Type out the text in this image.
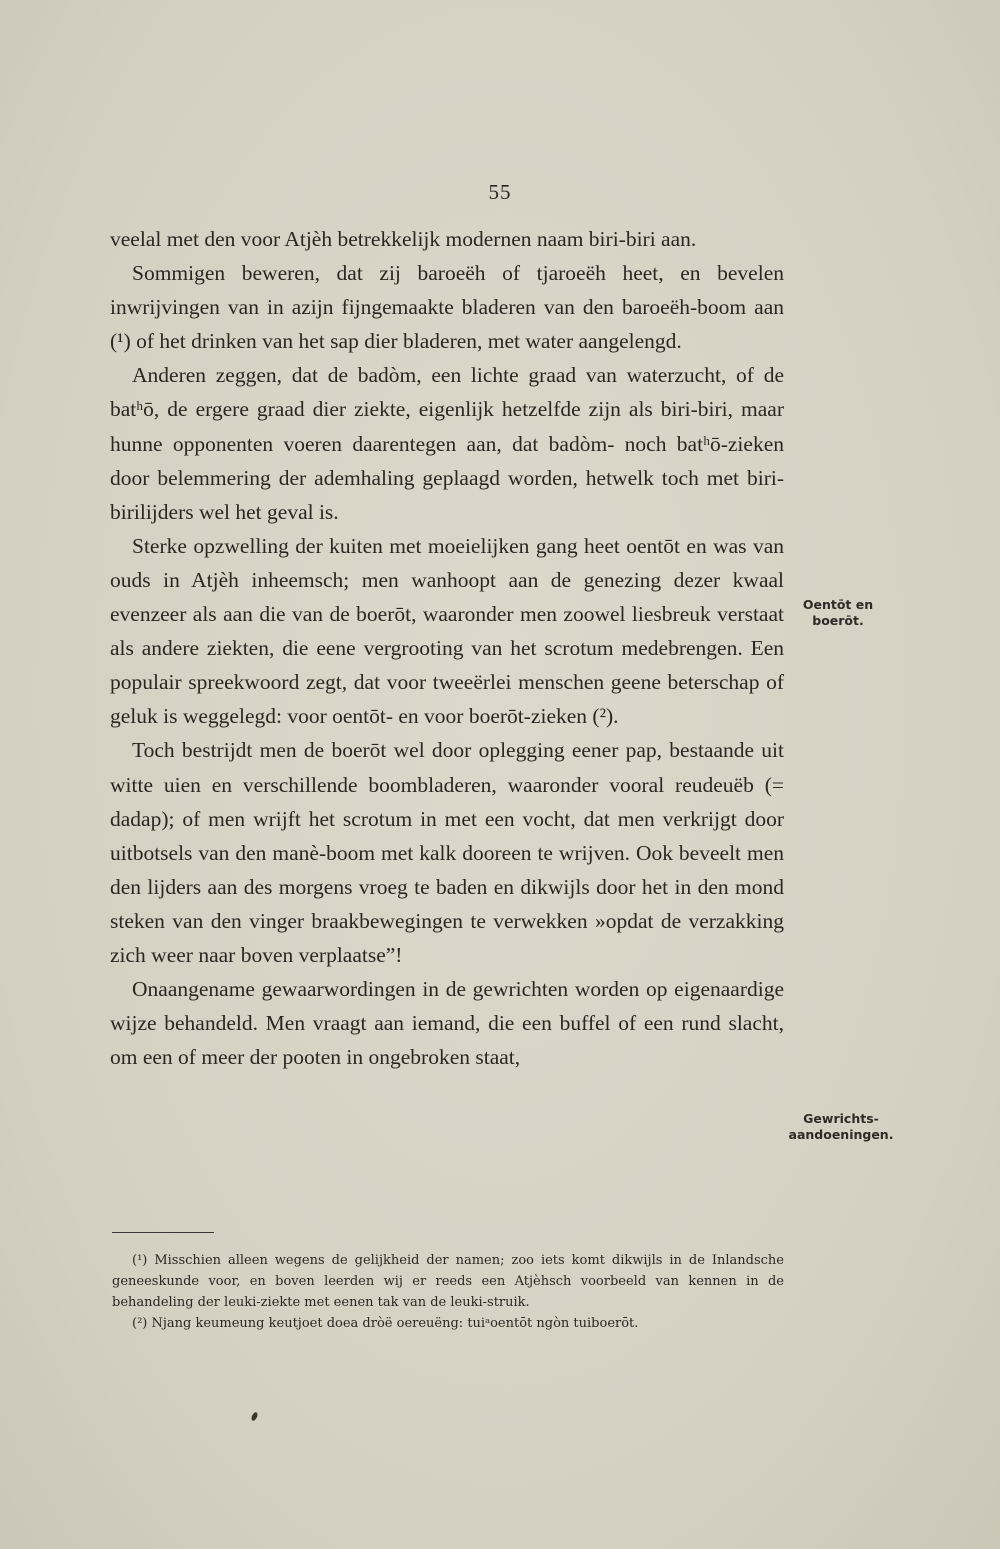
55

veelal met den voor Atjèh betrekkelijk modernen naam biri-biri aan.

Sommigen beweren, dat zij baroeëh of tjaroeëh heet, en bevelen inwrijvingen van in azijn fijngemaakte bladeren van den baroeëh-boom aan (¹) of het drinken van het sap dier bladeren, met water aangelengd.

Anderen zeggen, dat de badòm, een lichte graad van waterzucht, of de batʰō, de ergere graad dier ziekte, eigenlijk hetzelfde zijn als biri-biri, maar hunne opponenten voeren daarentegen aan, dat badòm- noch batʰō-zieken door belemmering der ademhaling geplaagd worden, hetwelk toch met biri-birilijders wel het geval is.

Sterke opzwelling der kuiten met moeielijken gang heet oentōt en was van ouds in Atjèh inheemsch; men wanhoopt aan de genezing dezer kwaal evenzeer als aan die van de boerōt, waaronder men zoowel liesbreuk verstaat als andere ziekten, die eene vergrooting van het scrotum medebrengen. Een populair spreekwoord zegt, dat voor tweeërlei menschen geene beterschap of geluk is weggelegd: voor oentōt- en voor boerōt-zieken (²).

Toch bestrijdt men de boerōt wel door oplegging eener pap, bestaande uit witte uien en verschillende boombladeren, waaronder vooral reudeuëb (= dadap); of men wrijft het scrotum in met een vocht, dat men verkrijgt door uitbotsels van den manè-boom met kalk dooreen te wrijven. Ook beveelt men den lijders aan des morgens vroeg te baden en dikwijls door het in den mond steken van den vinger braakbewegingen te verwekken »opdat de verzakking zich weer naar boven verplaatse”!

Onaangename gewaarwordingen in de gewrichten worden op eigenaardige wijze behandeld. Men vraagt aan iemand, die een buffel of een rund slacht, om een of meer der pooten in ongebroken staat,

Oentōt en boerōt.
Gewrichts-aandoeningen.

(¹) Misschien alleen wegens de gelijkheid der namen; zoo iets komt dikwijls in de Inlandsche geneeskunde voor, en boven leerden wij er reeds een Atjèhsch voorbeeld van kennen in de behandeling der leuki-ziekte met eenen tak van de leuki-struik.

(²) Njang keumeung keutjoet doea dròë oereuëng: tuiᵃoentōt ngòn tuiboerōt.
